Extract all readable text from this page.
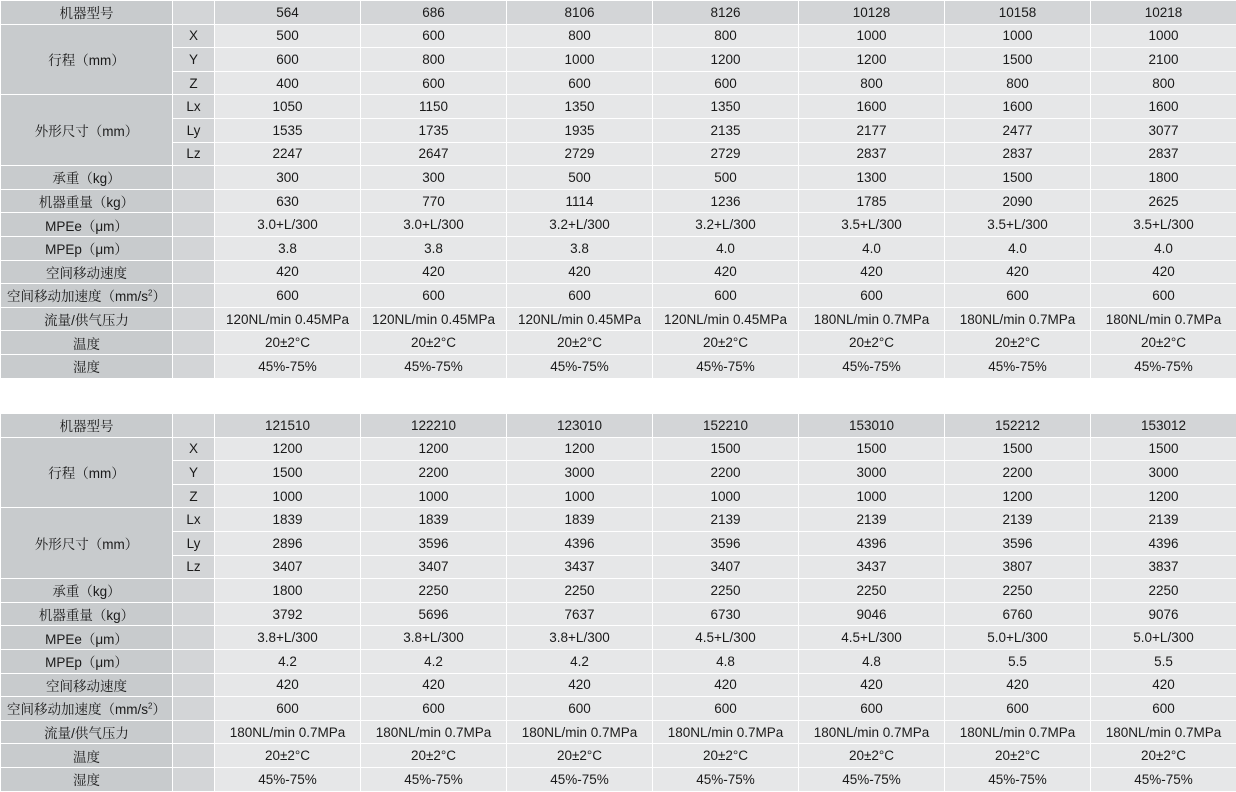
机器型号		564	686	8106	8126	10128	10158	10218
行程（mm）	X	500	600	800	800	1000	1000	1000
	Y	600	800	1000	1200	1200	1500	2100
	Z	400	600	600	600	800	800	800
外形尺寸（mm）	Lx	1050	1150	1350	1350	1600	1600	1600
	Ly	1535	1735	1935	2135	2177	2477	3077
	Lz	2247	2647	2729	2729	2837	2837	2837
承重（kg）		300	300	500	500	1300	1500	1800
机器重量（kg）		630	770	1114	1236	1785	2090	2625
MPEe（μm）		3.0+L/300	3.0+L/300	3.2+L/300	3.2+L/300	3.5+L/300	3.5+L/300	3.5+L/300
MPEp（μm）		3.8	3.8	3.8	4.0	4.0	4.0	4.0
空间移动速度		420	420	420	420	420	420	420
空间移动加速度$(mm/s^2)$		600	600	600	600	600	600	600
流量/供气压力		120NL/min 0.45MPa	120NL/min 0.45MPa	120NL/min 0.45MPa	120NL/min 0.45MPa	180NL/min 0.7MPa	180NL/min 0.7MPa	180NL/min 0.7MPa
温度		20±2°C	20±2°C	20±2°C	20±2°C	20±2°C	20±2°C	20±2°C
湿度		45%-75%	45%-75%	45%-75%	45%-75%	45%-75%	45%-75%	45%-75%
机器型号		121510	122210	123010	152210	153010	152212	153012
行程（mm）	X	1200	1200	1200	1500	1500	1500	1500
	Y	1500	2200	3000	2200	3000	2200	3000
	Z	1000	1000	1000	1000	1000	1200	1200
外形尺寸（mm）	Lx	1839	1839	1839	2139	2139	2139	2139
	Ly	2896	3596	4396	3596	4396	3596	4396
	Lz	3407	3407	3437	3407	3437	3807	3837
承重（kg）		1800	2250	2250	2250	2250	2250	2250
机器重量（kg）		3792	5696	7637	6730	9046	6760	9076
MPEe（μm）		3.8+L/300	3.8+L/300	3.8+L/300	4.5+L/300	4.5+L/300	5.0+L/300	5.0+L/300
MPEp（μm）		4.2	4.2	4.2	4.8	4.8	5.5	5.5
空间移动速度		420	420	420	420	420	420	420
空间移动加速度$(mm/s^2)$		600	600	600	600	600	600	600
流量/供气压力		180NL/min 0.7MPa	180NL/min 0.7MPa	180NL/min 0.7MPa	180NL/min 0.7MPa	180NL/min 0.7MPa	180NL/min 0.7MPa	180NL/min 0.7MPa
温度		20±2°C	20±2°C	20±2°C	20±2°C	20±2°C	20±2°C	20±2°C
湿度		45%-75%	45%-75%	45%-75%	45%-75%	45%-75%	45%-75%	45%-75%
